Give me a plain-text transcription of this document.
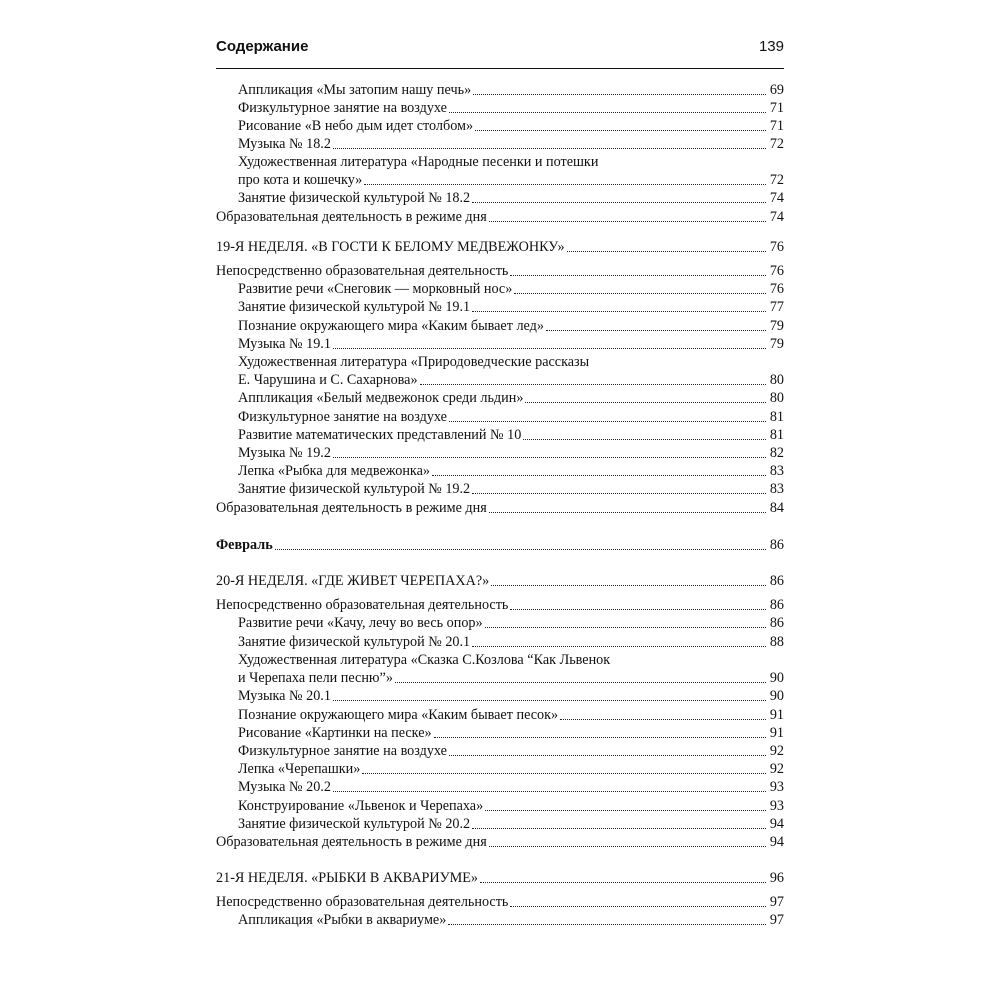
Содержание	139
Аппликация «Мы затопим нашу печь»	69
Физкультурное занятие на воздухе	71
Рисование «В небо дым идет столбом»	71
Музыка № 18.2	72
Художественная литература «Народные песенки и потешки
про кота и кошечку»	72
Занятие физической культурой № 18.2	74
Образовательная деятельность в режиме дня	74
19-Я НЕДЕЛЯ. «В ГОСТИ К БЕЛОМУ МЕДВЕЖОНКУ»	76
Непосредственно образовательная деятельность	76
Развитие речи «Снеговик — морковный нос»	76
Занятие физической культурой № 19.1	77
Познание окружающего мира «Каким бывает лед»	79
Музыка № 19.1	79
Художественная литература «Природоведческие рассказы
Е. Чарушина и С. Сахарнова»	80
Аппликация «Белый медвежонок среди льдин»	80
Физкультурное занятие на воздухе	81
Развитие математических представлений № 10	81
Музыка № 19.2	82
Лепка «Рыбка для медвежонка»	83
Занятие физической культурой № 19.2	83
Образовательная деятельность в режиме дня	84
Февраль	86
20-Я НЕДЕЛЯ. «ГДЕ ЖИВЕТ ЧЕРЕПАХА?»	86
Непосредственно образовательная деятельность	86
Развитие речи «Качу, лечу во весь опор»	86
Занятие физической культурой № 20.1	88
Художественная литература «Сказка С.Козлова “Как Львенок
и Черепаха пели песню”»	90
Музыка № 20.1	90
Познание окружающего мира «Каким бывает песок»	91
Рисование «Картинки на песке»	91
Физкультурное занятие на воздухе	92
Лепка «Черепашки»	92
Музыка № 20.2	93
Конструирование «Львенок и Черепаха»	93
Занятие физической культурой № 20.2	94
Образовательная деятельность в режиме дня	94
21-Я НЕДЕЛЯ. «РЫБКИ В АКВАРИУМЕ»	96
Непосредственно образовательная деятельность	97
Аппликация «Рыбки в аквариуме»	97
